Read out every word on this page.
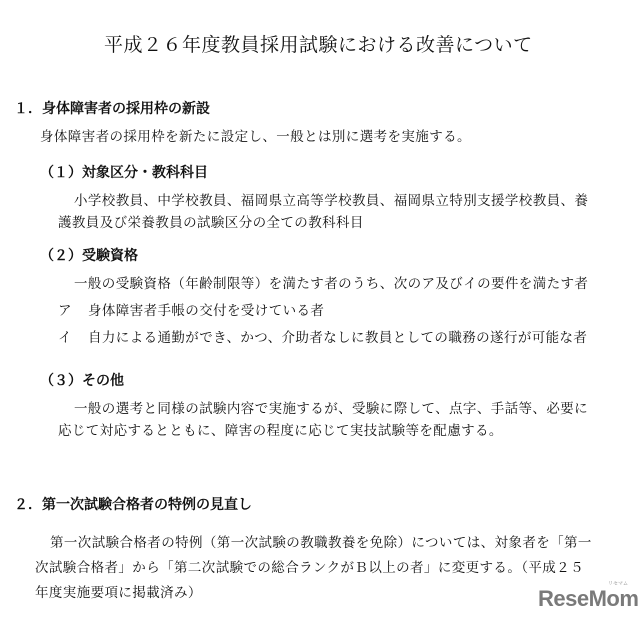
平成２６年度教員採用試験における改善について
１．身体障害者の採用枠の新設
身体障害者の採用枠を新たに設定し、一般とは別に選考を実施する。
（１）対象区分・教科科目
小学校教員、中学校教員、福岡県立高等学校教員、福岡県立特別支援学校教員、養
護教員及び栄養教員の試験区分の全ての教科科目
（２）受験資格
一般の受験資格（年齢制限等）を満たす者のうち、次のア及びイの要件を満たす者
ア 身体障害者手帳の交付を受けている者
イ 自力による通勤ができ、かつ、介助者なしに教員としての職務の遂行が可能な者
（３）その他
一般の選考と同様の試験内容で実施するが、受験に際して、点字、手話等、必要に
応じて対応するとともに、障害の程度に応じて実技試験等を配慮する。
２．第一次試験合格者の特例の見直し
第一次試験合格者の特例（第一次試験の教職教養を免除）については、対象者を「第一
次試験合格者」から「第二次試験での総合ランクがＢ以上の者」に変更する。（平成２５
年度実施要項に掲載済み）	ReseMom
リセマム
